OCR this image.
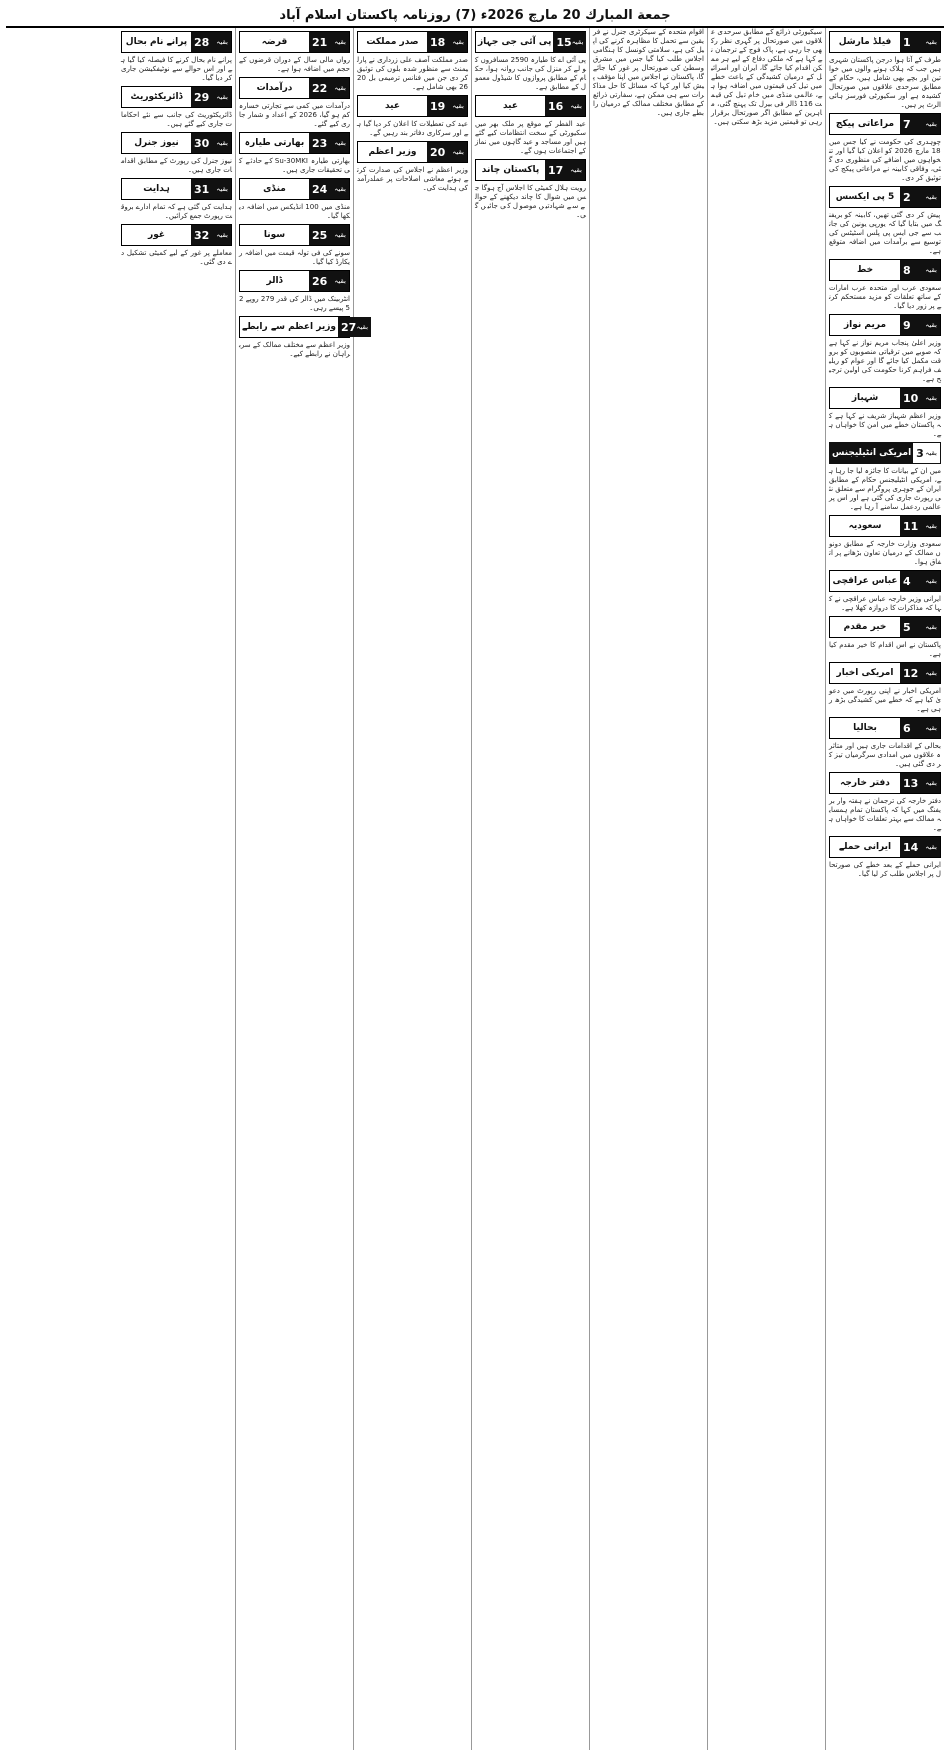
جمعة المبارك 20 مارچ 2026ء (7) روزنامہ پاکستان اسلام آباد
فیلڈ مارشل	بقیہ
1
طرف کے آتا ہوا درجن پاکستان شہری ہیں جب کہ ہلاک ہونے والوں میں خواتین اور بچے بھی شامل ہیں، حکام کے مطابق سرحدی علاقوں میں صورتحال کشیدہ ہے اور سکیورٹی فورسز ہائی الرٹ پر ہیں۔
مراعاتی پیکج	بقیہ
7
چوہدری کی حکومت نے کیا جس میں 18 مارچ 2026 کو اعلان کیا گیا اور تنخواہوں میں اضافے کی منظوری دی گئی، وفاقی کابینہ نے مراعاتی پیکج کی توثیق کر دی۔
5 پی ایکسس	بقیہ
2
پیش کر دی گئی تھیں، کابینہ کو بریفنگ میں بتایا گیا کہ یورپی یونین کی جانب سے جی ایس پی پلس اسٹیٹس کی توسیع سے برآمدات میں اضافہ متوقع ہے۔
خط	بقیہ
8
سعودی عرب اور متحدہ عرب امارات کے ساتھ تعلقات کو مزید مستحکم کرنے پر زور دیا گیا۔
مریم نواز	بقیہ
9
وزیر اعلیٰ پنجاب مریم نواز نے کہا ہے کہ صوبے میں ترقیاتی منصوبوں کو بروقت مکمل کیا جائے گا اور عوام کو ریلیف فراہم کرنا حکومت کی اولین ترجیح ہے۔
شہباز	بقیہ
10
وزیر اعظم شہباز شریف نے کہا ہے کہ پاکستان خطے میں امن کا خواہاں ہے۔
امریکی انٹیلیجنس بقیہ
3
میں ان کے بیانات کا جائزہ لیا جا رہا ہے، امریکی انٹیلیجنس حکام کے مطابق ایران کے جوہری پروگرام سے متعلق نئی رپورٹ جاری کی گئی ہے اور اس پر عالمی ردعمل سامنے آ رہا ہے۔
سعودیہ	بقیہ
11
سعودی وزارت خارجہ کے مطابق دونوں ممالک کے درمیان تعاون بڑھانے پر اتفاق ہوا۔
عباس عراقچی	بقیہ
4
ایرانی وزیر خارجہ عباس عراقچی نے کہا کہ مذاکرات کا دروازہ کھلا ہے۔
خیر مقدم	بقیہ
5
پاکستان نے اس اقدام کا خیر مقدم کیا ہے۔
امریکی اخبار	بقیہ
12
امریکی اخبار نے اپنی رپورٹ میں دعویٰ کیا ہے کہ خطے میں کشیدگی بڑھ رہی ہے۔
بحالیا	بقیہ
6
بحالی کے اقدامات جاری ہیں اور متاثرہ علاقوں میں امدادی سرگرمیاں تیز کر دی گئی ہیں۔
دفتر خارجہ	بقیہ
13
دفتر خارجہ کی ترجمان نے ہفتہ وار بریفنگ میں کہا کہ پاکستان تمام ہمسایہ ممالک سے بہتر تعلقات کا خواہاں ہے۔
ایرانی حملے	بقیہ
14
ایرانی حملے کے بعد خطے کی صورتحال پر اجلاس طلب کر لیا گیا۔
سیکیورٹی ذرائع کے مطابق سرحدی علاقوں میں صورتحال پر گہری نظر رکھی جا رہی ہے، پاک فوج کے ترجمان نے کہا ہے کہ ملکی دفاع کے لیے ہر ممکن اقدام کیا جائے گا، ایران اور اسرائیل کے درمیان کشیدگی کے باعث خطے میں تیل کی قیمتوں میں اضافہ ہوا ہے، عالمی منڈی میں خام تیل کی قیمت 116 ڈالر فی بیرل تک پہنچ گئی، ماہرین کے مطابق اگر صورتحال برقرار رہی تو قیمتیں مزید بڑھ سکتی ہیں۔
اقوام متحدہ کے سیکرٹری جنرل نے فریقین سے تحمل کا مظاہرہ کرنے کی اپیل کی ہے، سلامتی کونسل کا ہنگامی اجلاس طلب کیا گیا جس میں مشرق وسطیٰ کی صورتحال پر غور کیا جائے گا، پاکستان نے اجلاس میں اپنا مؤقف پیش کیا اور کہا کہ مسائل کا حل مذاکرات سے ہی ممکن ہے، سفارتی ذرائع کے مطابق مختلف ممالک کے درمیان رابطے جاری ہیں۔
پی آئی جی جہاز	بقیہ
15
پی آئی اے کا طیارہ 2590 مسافروں کو لے کر منزل کی جانب روانہ ہوا، حکام کے مطابق پروازوں کا شیڈول معمول کے مطابق ہے۔
عید	بقیہ
16
عید الفطر کے موقع پر ملک بھر میں سکیورٹی کے سخت انتظامات کیے گئے ہیں اور مساجد و عید گاہوں میں نماز کے اجتماعات ہوں گے۔
پاکستان چاند	بقیہ
17
رویت ہلال کمیٹی کا اجلاس آج ہوگا جس میں شوال کا چاند دیکھنے کے حوالے سے شہادتیں موصول کی جائیں گی۔
صدر مملکت	بقیہ
18
صدر مملکت آصف علی زرداری نے پارلیمنٹ سے منظور شدہ بلوں کی توثیق کر دی جن میں فنانس ترمیمی بل 2026 بھی شامل ہے۔
عید	بقیہ
19
عید کی تعطیلات کا اعلان کر دیا گیا ہے اور سرکاری دفاتر بند رہیں گے۔
وزیر اعظم	بقیہ
20
وزیر اعظم نے اجلاس کی صدارت کرتے ہوئے معاشی اصلاحات پر عملدرآمد کی ہدایت کی۔
قرضہ	بقیہ
21
رواں مالی سال کے دوران قرضوں کے حجم میں اضافہ ہوا ہے۔
درآمدات	بقیہ
22
درآمدات میں کمی سے تجارتی خسارہ کم ہو گیا، 2026 کے اعداد و شمار جاری کیے گئے۔
بھارتی طیارہ	بقیہ
23
بھارتی طیارہ Su-30MKI کے حادثے کی تحقیقات جاری ہیں۔
منڈی	بقیہ
24
منڈی میں 100 انڈیکس میں اضافہ دیکھا گیا۔
سونا	بقیہ
25
سونے کی فی تولہ قیمت میں اضافہ ریکارڈ کیا گیا۔
ڈالر	بقیہ
26
انٹربینک میں ڈالر کی قدر 279 روپے 25 پیسے رہی۔
وزیر اعظم سے رابطے	بقیہ
27
وزیر اعظم سے مختلف ممالک کے سربراہان نے رابطے کیے۔
پرانے نام بحال	بقیہ
28
پرانے نام بحال کرنے کا فیصلہ کیا گیا ہے اور اس حوالے سے نوٹیفکیشن جاری کر دیا گیا۔
ڈائریکٹوریٹ	بقیہ
29
ڈائریکٹوریٹ کی جانب سے نئے احکامات جاری کیے گئے ہیں۔
نیوز جنرل	بقیہ
30
نیوز جنرل کی رپورٹ کے مطابق اقدامات جاری ہیں۔
ہدایت	بقیہ
31
ہدایت کی گئی ہے کہ تمام ادارے بروقت رپورٹ جمع کرائیں۔
غور	بقیہ
32
معاملے پر غور کے لیے کمیٹی تشکیل دے دی گئی۔
